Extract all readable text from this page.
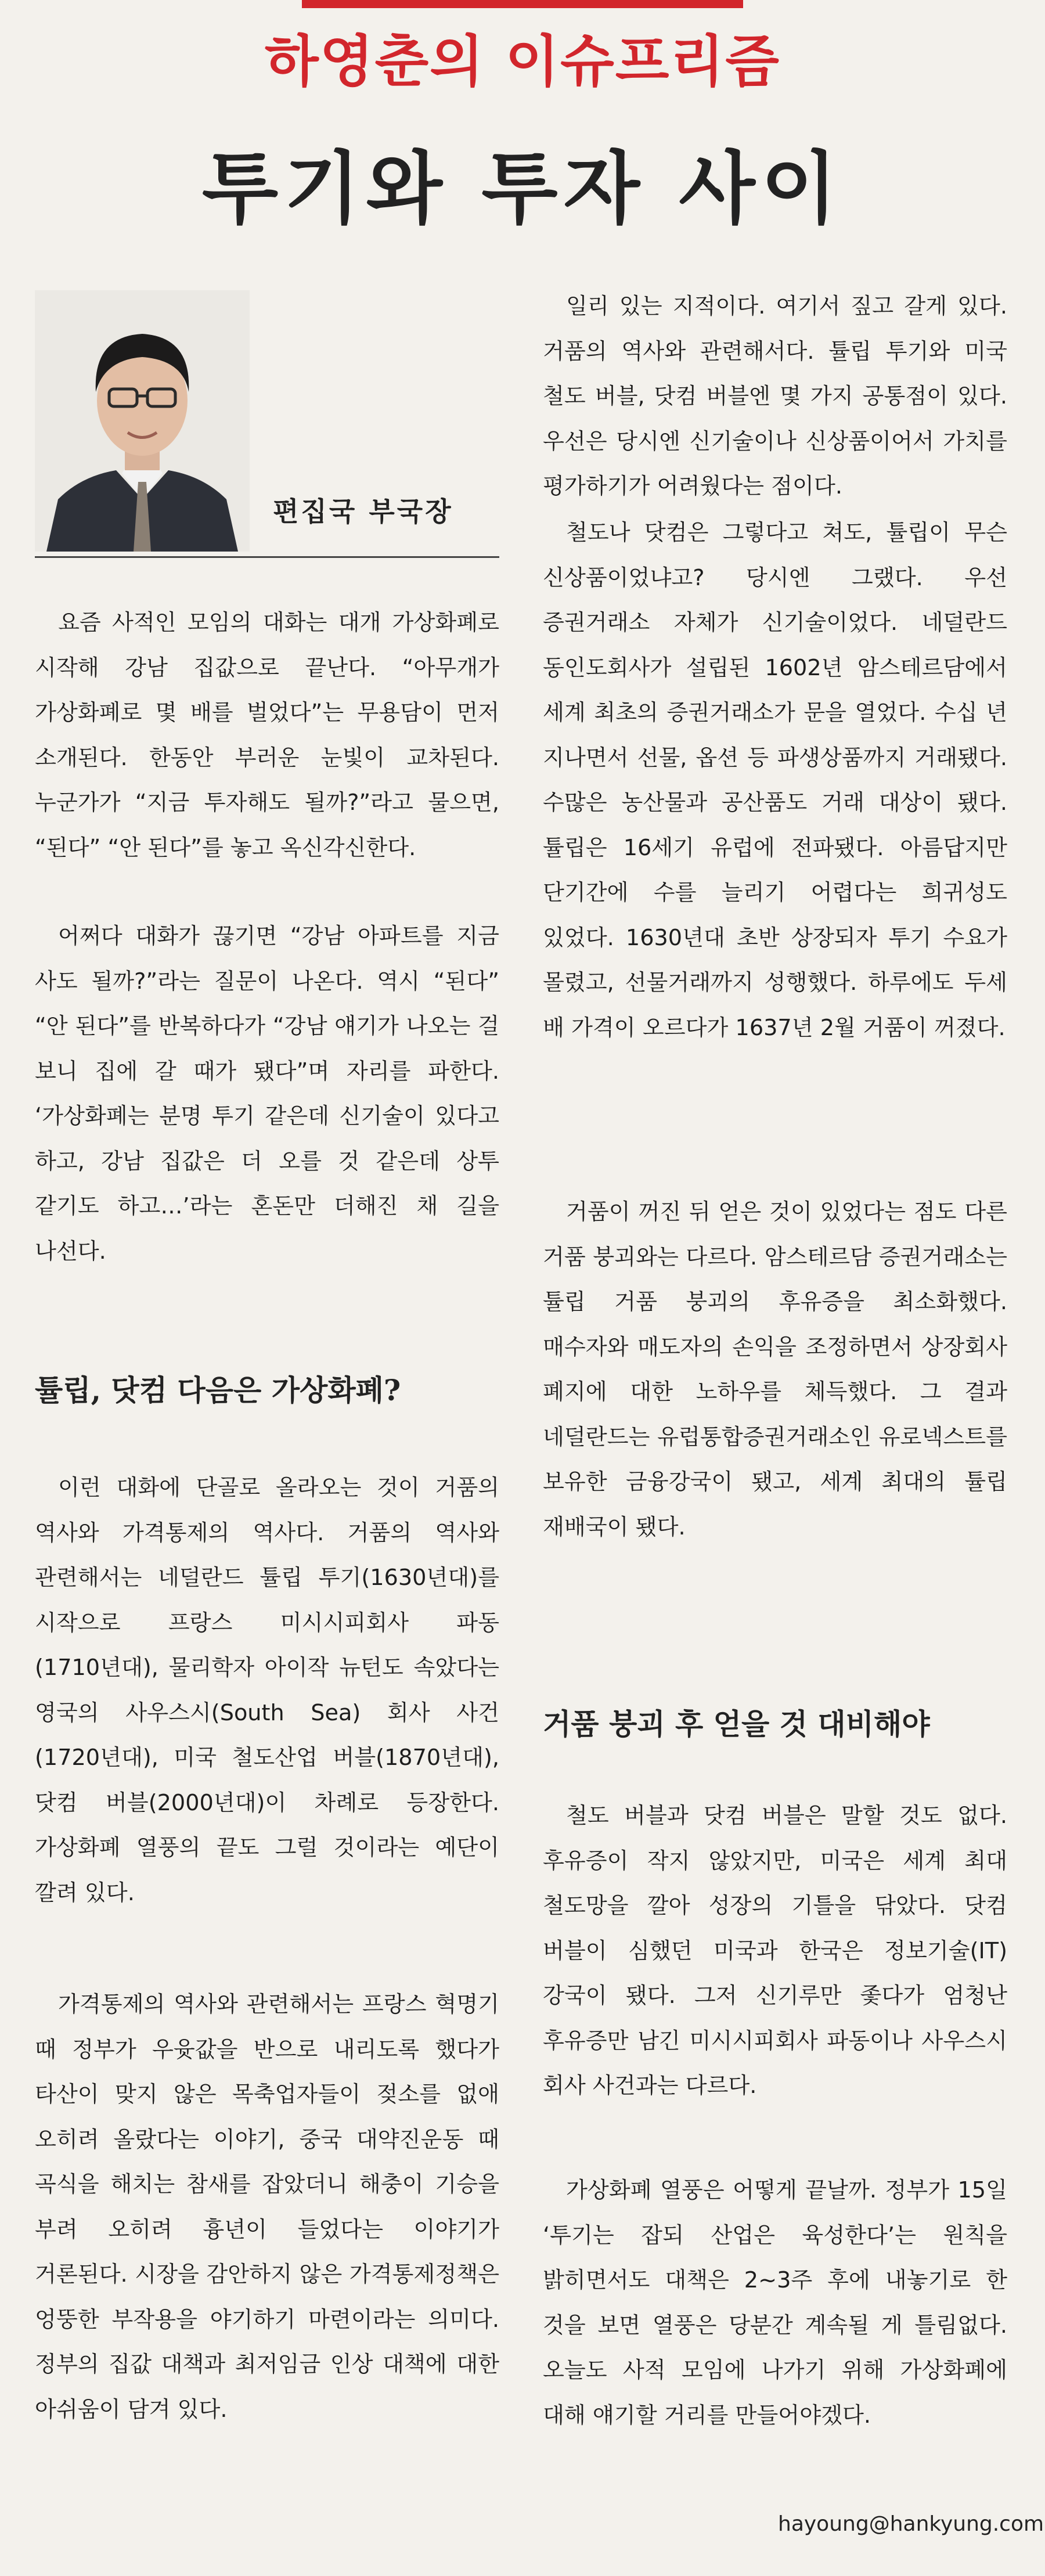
하영춘의 이슈프리즘
투기와 투자 사이
편집국 부국장

요즘 사적인 모임의 대화는 대개 가상화폐로 시작해 강남 집값으로 끝난다. “아무개가 가상화폐로 몇 배를 벌었다”는 무용담이 먼저 소개된다. 한동안 부러운 눈빛이 교차된다. 누군가가 “지금 투자해도 될까?”라고 물으면, “된다” “안 된다”를 놓고 옥신각신한다.

어쩌다 대화가 끊기면 “강남 아파트를 지금 사도 될까?”라는 질문이 나온다. 역시 “된다” “안 된다”를 반복하다가 “강남 얘기가 나오는 걸 보니 집에 갈 때가 됐다”며 자리를 파한다. ‘가상화폐는 분명 투기 같은데 신기술이 있다고 하고, 강남 집값은 더 오를 것 같은데 상투 같기도 하고…’라는 혼돈만 더해진 채 길을 나선다.

튤립, 닷컴 다음은 가상화폐?

이런 대화에 단골로 올라오는 것이 거품의 역사와 가격통제의 역사다. 거품의 역사와 관련해서는 네덜란드 튤립 투기(1630년대)를 시작으로 프랑스 미시시피회사 파동(1710년대), 물리학자 아이작 뉴턴도 속았다는 영국의 사우스시(South Sea) 회사 사건(1720년대), 미국 철도산업 버블(1870년대), 닷컴 버블(2000년대)이 차례로 등장한다. 가상화폐 열풍의 끝도 그럴 것이라는 예단이 깔려 있다.

가격통제의 역사와 관련해서는 프랑스 혁명기 때 정부가 우윳값을 반으로 내리도록 했다가 타산이 맞지 않은 목축업자들이 젖소를 없애 오히려 올랐다는 이야기, 중국 대약진운동 때 곡식을 해치는 참새를 잡았더니 해충이 기승을 부려 오히려 흉년이 들었다는 이야기가 거론된다. 시장을 감안하지 않은 가격통제정책은 엉뚱한 부작용을 야기하기 마련이라는 의미다. 정부의 집값 대책과 최저임금 인상 대책에 대한 아쉬움이 담겨 있다.

일리 있는 지적이다. 여기서 짚고 갈게 있다. 거품의 역사와 관련해서다. 튤립 투기와 미국 철도 버블, 닷컴 버블엔 몇 가지 공통점이 있다. 우선은 당시엔 신기술이나 신상품이어서 가치를 평가하기가 어려웠다는 점이다.

철도나 닷컴은 그렇다고 쳐도, 튤립이 무슨 신상품이었냐고? 당시엔 그랬다. 우선 증권거래소 자체가 신기술이었다. 네덜란드 동인도회사가 설립된 1602년 암스테르담에서 세계 최초의 증권거래소가 문을 열었다. 수십 년 지나면서 선물, 옵션 등 파생상품까지 거래됐다. 수많은 농산물과 공산품도 거래 대상이 됐다. 튤립은 16세기 유럽에 전파됐다. 아름답지만 단기간에 수를 늘리기 어렵다는 희귀성도 있었다. 1630년대 초반 상장되자 투기 수요가 몰렸고, 선물거래까지 성행했다. 하루에도 두세 배 가격이 오르다가 1637년 2월 거품이 꺼졌다.

거품이 꺼진 뒤 얻은 것이 있었다는 점도 다른 거품 붕괴와는 다르다. 암스테르담 증권거래소는 튤립 거품 붕괴의 후유증을 최소화했다. 매수자와 매도자의 손익을 조정하면서 상장회사 폐지에 대한 노하우를 체득했다. 그 결과 네덜란드는 유럽통합증권거래소인 유로넥스트를 보유한 금융강국이 됐고, 세계 최대의 튤립 재배국이 됐다.

거품 붕괴 후 얻을 것 대비해야

철도 버블과 닷컴 버블은 말할 것도 없다. 후유증이 작지 않았지만, 미국은 세계 최대 철도망을 깔아 성장의 기틀을 닦았다. 닷컴 버블이 심했던 미국과 한국은 정보기술(IT)강국이 됐다. 그저 신기루만 좇다가 엄청난 후유증만 남긴 미시시피회사 파동이나 사우스시 회사 사건과는 다르다.

가상화폐 열풍은 어떻게 끝날까. 정부가 15일 ‘투기는 잡되 산업은 육성한다’는 원칙을 밝히면서도 대책은 2~3주 후에 내놓기로 한 것을 보면 열풍은 당분간 계속될 게 틀림없다. 오늘도 사적 모임에 나가기 위해 가상화폐에 대해 얘기할 거리를 만들어야겠다.

hayoung@hankyung.com
